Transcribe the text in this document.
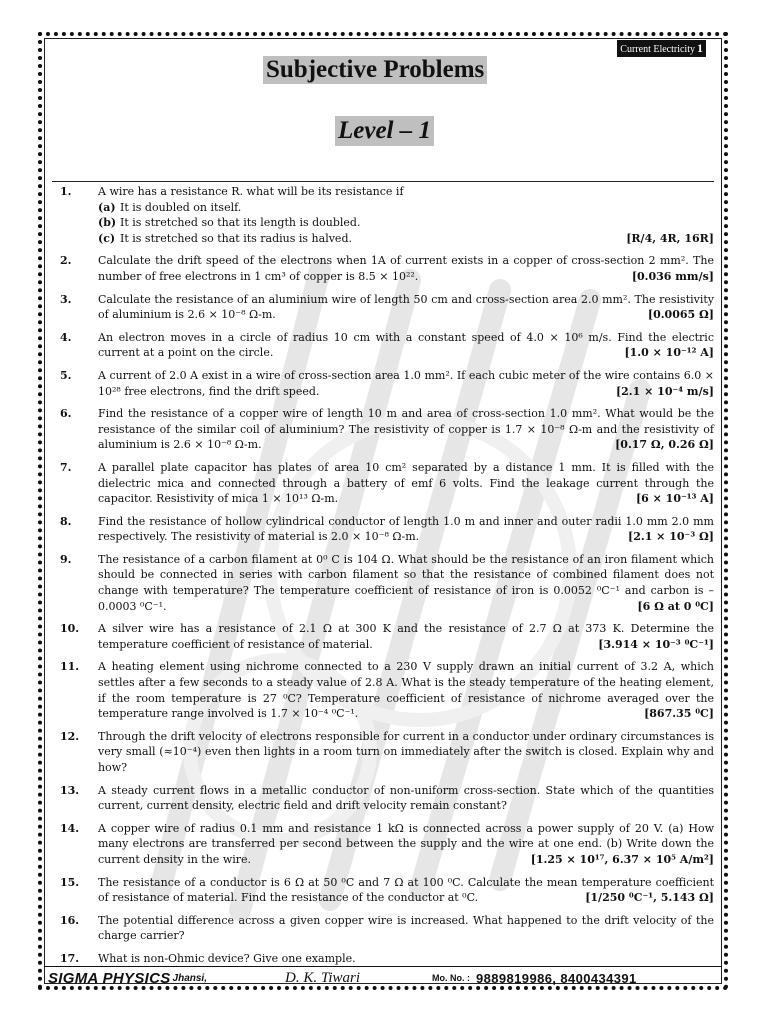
Current Electricity 1
Subjective Problems
Level – 1
1.	A wire has a resistance R. what will be its resistance if
(a) It is doubled on itself.
(b) It is stretched so that its length is doubled.
(c) It is stretched so that its radius is halved.	[R/4, 4R, 16R]
2.	Calculate the drift speed of the electrons when 1A of current exists in a copper of cross-section 2 mm². The number of free electrons in 1 cm³ of copper is 8.5 × 10²².	[0.036 mm/s]
3.	Calculate the resistance of an aluminium wire of length 50 cm and cross-section area 2.0 mm². The resistivity of aluminium is 2.6 × 10⁻⁸ Ω-m.	[0.0065 Ω]
4.	An electron moves in a circle of radius 10 cm with a constant speed of 4.0 × 10⁶ m/s. Find the electric current at a point on the circle.	[1.0 × 10⁻¹² A]
5.	A current of 2.0 A exist in a wire of cross-section area 1.0 mm². If each cubic meter of the wire contains 6.0 × 10²⁸ free electrons, find the drift speed.	[2.1 × 10⁻⁴ m/s]
6.	Find the resistance of a copper wire of length 10 m and area of cross-section 1.0 mm². What would be the resistance of the similar coil of aluminium? The resistivity of copper is 1.7 × 10⁻⁸ Ω-m and the resistivity of aluminium is 2.6 × 10⁻⁸ Ω-m.	[0.17 Ω, 0.26 Ω]
7.	A parallel plate capacitor has plates of area 10 cm² separated by a distance 1 mm. It is filled with the dielectric mica and connected through a battery of emf 6 volts. Find the leakage current through the capacitor. Resistivity of mica 1 × 10¹³ Ω-m.	[6 × 10⁻¹³ A]
8.	Find the resistance of hollow cylindrical conductor of length 1.0 m and inner and outer radii 1.0 mm 2.0 mm respectively. The resistivity of material is 2.0 × 10⁻⁸ Ω-m.	[2.1 × 10⁻³ Ω]
9.	The resistance of a carbon filament at 0⁰ C is 104 Ω. What should be the resistance of an iron filament which should be connected in series with carbon filament so that the resistance of combined filament does not change with temperature? The temperature coefficient of resistance of iron is 0.0052 ⁰C⁻¹ and carbon is – 0.0003 ⁰C⁻¹.	[6 Ω at 0 ⁰C]
10.	A silver wire has a resistance of 2.1 Ω at 300 K and the resistance of 2.7 Ω at 373 K. Determine the temperature coefficient of resistance of material.	[3.914 × 10⁻³ ⁰C⁻¹]
11.	A heating element using nichrome connected to a 230 V supply drawn an initial current of 3.2 A, which settles after a few seconds to a steady value of 2.8 A. What is the steady temperature of the heating element, if the room temperature is 27 ⁰C? Temperature coefficient of resistance of nichrome averaged over the temperature range involved is 1.7 × 10⁻⁴ ⁰C⁻¹.	[867.35 ⁰C]
12.	Through the drift velocity of electrons responsible for current in a conductor under ordinary circumstances is very small (≈10⁻⁴) even then lights in a room turn on immediately after the switch is closed. Explain why and how?
13.	A steady current flows in a metallic conductor of non-uniform cross-section. State which of the quantities current, current density, electric field and drift velocity remain constant?
14.	A copper wire of radius 0.1 mm and resistance 1 kΩ is connected across a power supply of 20 V. (a) How many electrons are transferred per second between the supply and the wire at one end. (b) Write down the current density in the wire.	[1.25 × 10¹⁷, 6.37 × 10⁵ A/m²]
15.	The resistance of a conductor is 6 Ω at 50 ⁰C and 7 Ω at 100 ⁰C. Calculate the mean temperature coefficient of resistance of material. Find the resistance of the conductor at ⁰C.	[1/250 ⁰C⁻¹, 5.143 Ω]
16.	The potential difference across a given copper wire is increased. What happened to the drift velocity of the charge carrier?
17.	What is non-Ohmic device? Give one example.
SIGMA PHYSICS Jhansi,	D. K. Tiwari	Mo. No. : 9889819986, 8400434391
